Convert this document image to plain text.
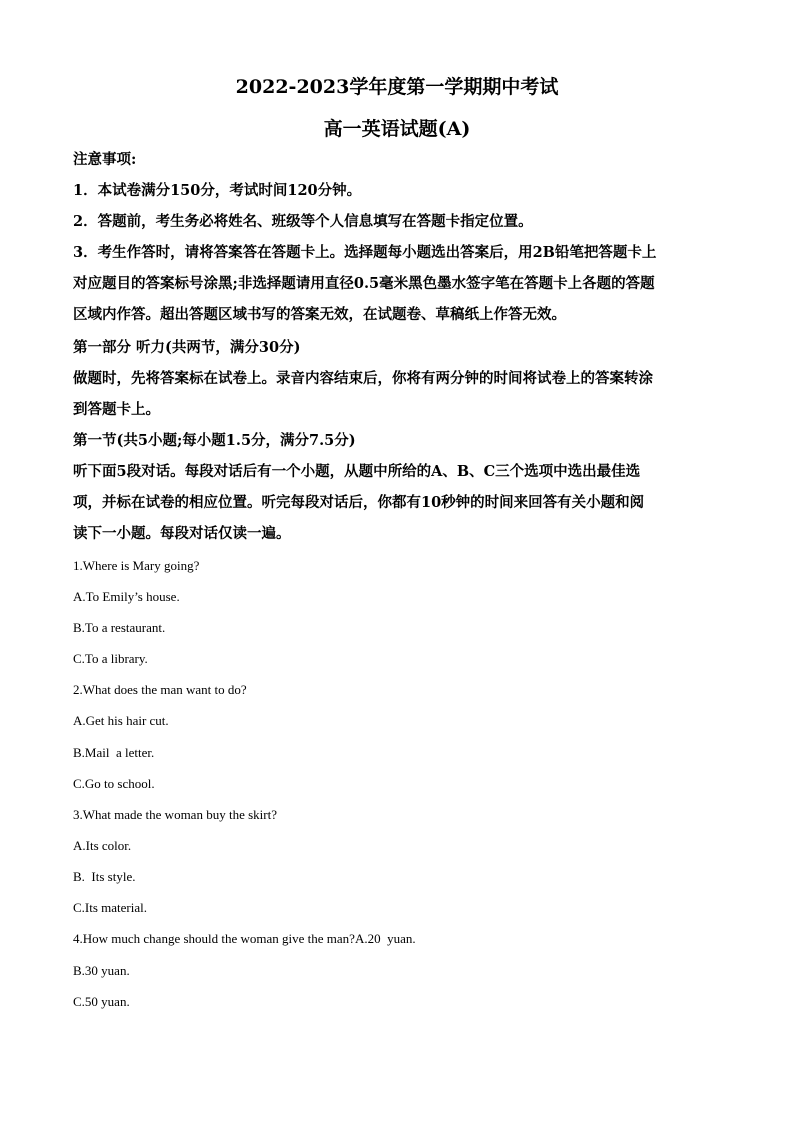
2022-2023学年度第一学期期中考试
高一英语试题(A)
注意事项:
1．本试卷满分150分，考试时间120分钟。
2．答题前，考生务必将姓名、班级等个人信息填写在答题卡指定位置。
3．考生作答时，请将答案答在答题卡上。选择题每小题选出答案后，用2B铅笔把答题卡上
对应题目的答案标号涂黑;非选择题请用直径0.5毫米黑色墨水签字笔在答题卡上各题的答题
区域内作答。超出答题区域书写的答案无效，在试题卷、草稿纸上作答无效。
第一部分 听力(共两节，满分30分)
做题时，先将答案标在试卷上。录音内容结束后，你将有两分钟的时间将试卷上的答案转涂
到答题卡上。
第一节(共5小题;每小题1.5分，满分7.5分)
听下面5段对话。每段对话后有一个小题，从题中所给的A、B、C三个选项中选出最佳选
项，并标在试卷的相应位置。听完每段对话后，你都有10秒钟的时间来回答有关小题和阅
读下一小题。每段对话仅读一遍。
1.Where is Mary going?
A.To Emily’s house.
B.To a restaurant.
C.To a library.
2.What does the man want to do?
A.Get his hair cut.
B.Mail  a letter.
C.Go to school.
3.What made the woman buy the skirt?
A.Its color.
B.  Its style.
C.Its material.
4.How much change should the woman give the man?A.20  yuan.
B.30 yuan.
C.50 yuan.
